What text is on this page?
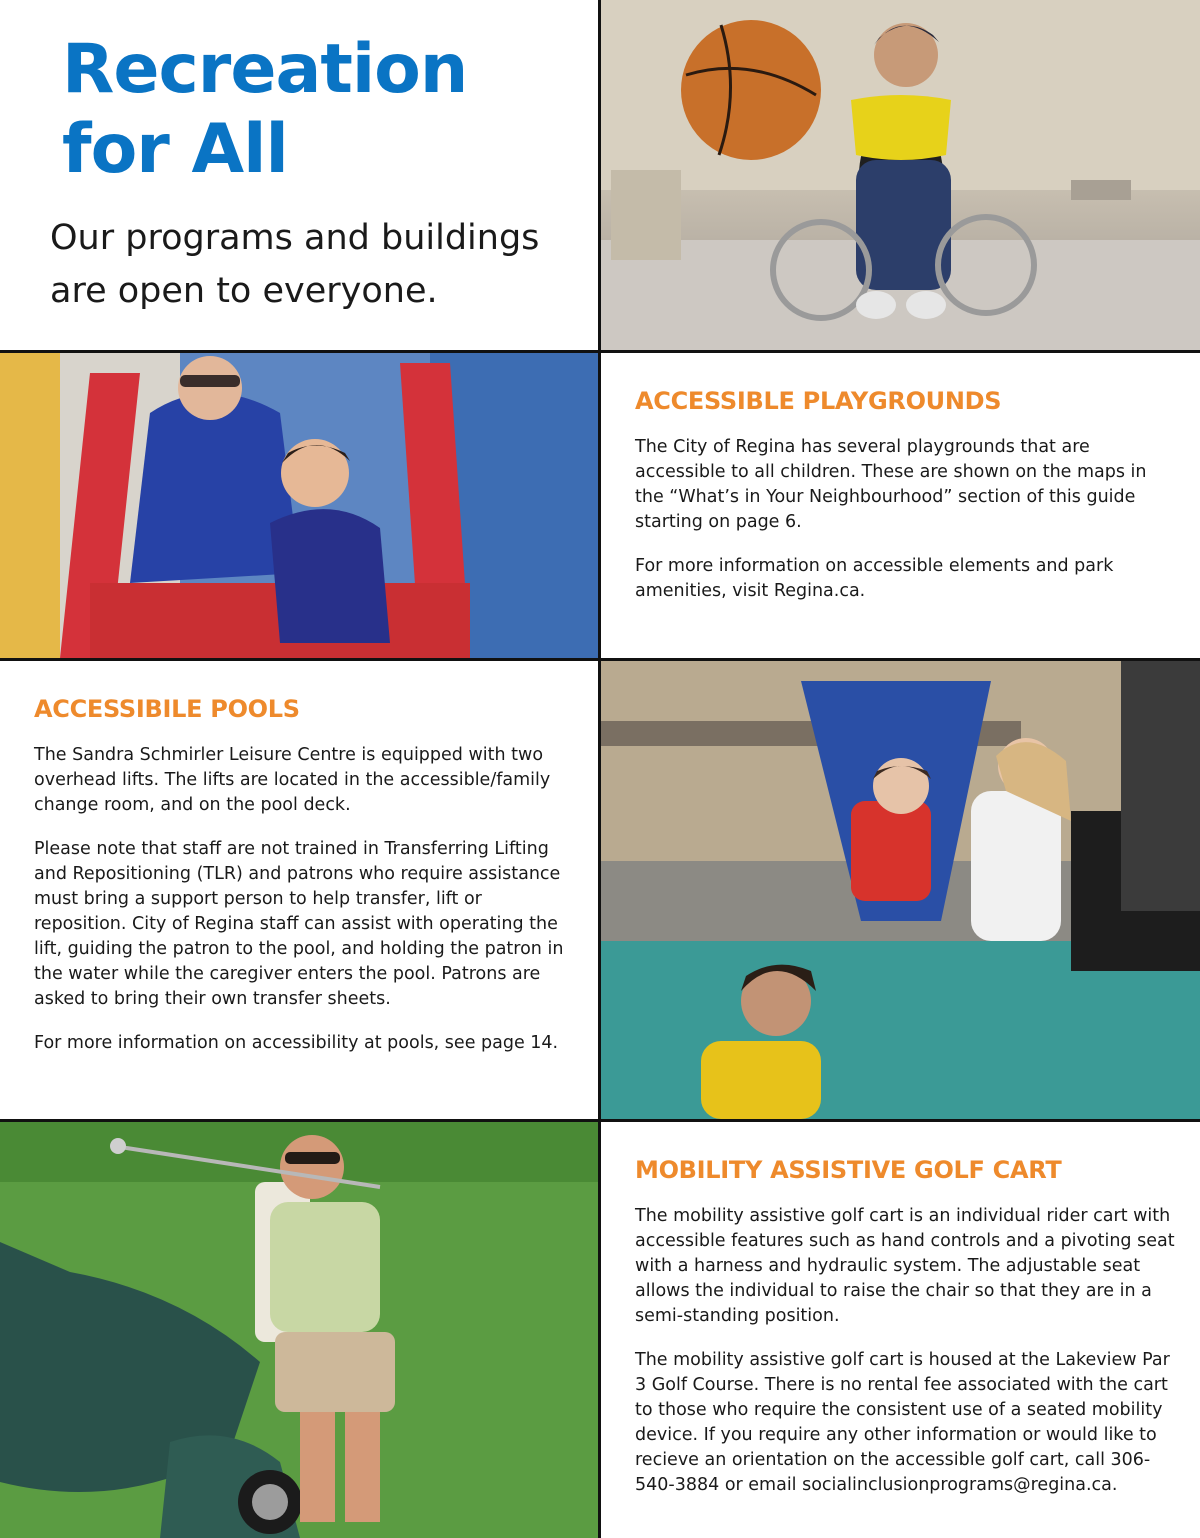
Recreation
for All

Our programs and buildings
are open to everyone.

ACCESSIBLE PLAYGROUNDS

The City of Regina has several playgrounds that are accessible to all children. These are shown on the maps in the “What’s in Your Neighbourhood” section of this guide starting on page 6.

For more information on accessible elements and park amenities, visit Regina.ca.

ACCESSIBILE POOLS

The Sandra Schmirler Leisure Centre is equipped with two overhead lifts. The lifts are located in the accessible/family change room, and on the pool deck.

Please note that staff are not trained in Transferring Lifting and Repositioning (TLR) and patrons who require assistance must bring a support person to help transfer, lift or reposition. City of Regina staff can assist with operating the lift, guiding the patron to the pool, and holding the patron in the water while the caregiver enters the pool. Patrons are asked to bring their own transfer sheets.

For more information on accessibility at pools, see page 14.

MOBILITY ASSISTIVE GOLF CART

The mobility assistive golf cart is an individual rider cart with accessible features such as hand controls and a pivoting seat with a harness and hydraulic system. The adjustable seat allows the individual to raise the chair so that they are in a semi-standing position.

The mobility assistive golf cart is housed at the Lakeview Par 3 Golf Course. There is no rental fee associated with the cart to those who require the consistent use of a seated mobility device. If you require any other information or would like to recieve an orientation on the accessible golf cart, call 306-540-3884 or email socialinclusionprograms@regina.ca.
